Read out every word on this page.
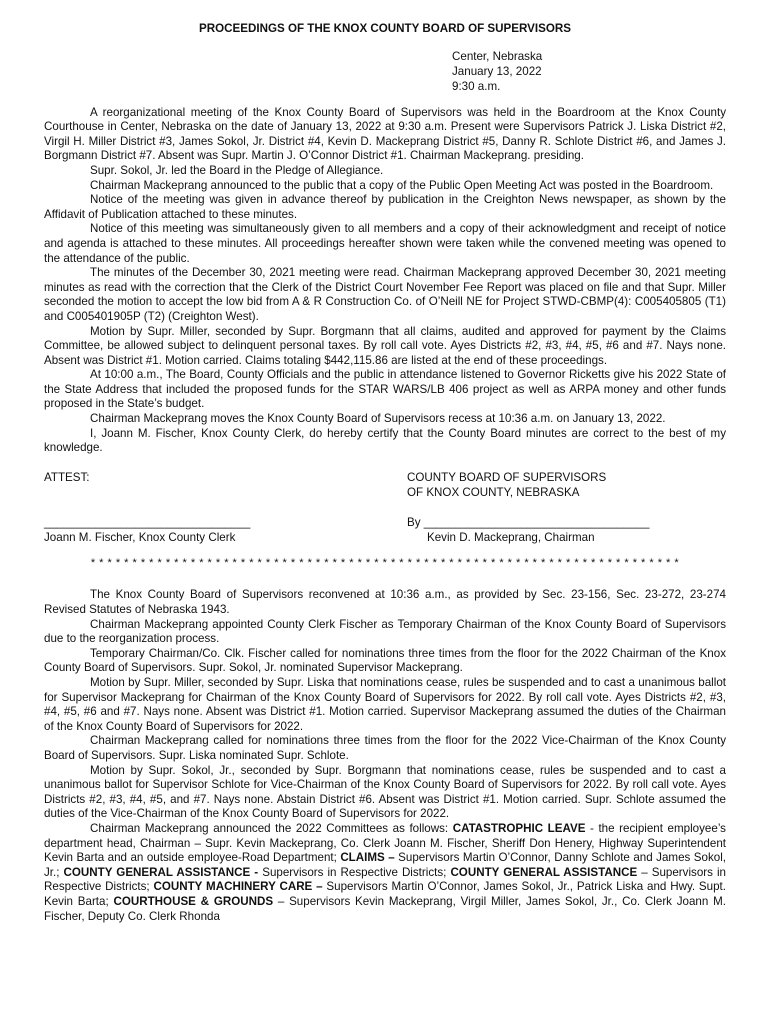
PROCEEDINGS OF THE KNOX COUNTY BOARD OF SUPERVISORS
Center, Nebraska
January 13, 2022
9:30 a.m.

A reorganizational meeting of the Knox County Board of Supervisors was held in the Boardroom at the Knox County Courthouse in Center, Nebraska on the date of January 13, 2022 at 9:30 a.m. Present were Supervisors Patrick J. Liska District #2, Virgil H. Miller District #3, James Sokol, Jr. District #4, Kevin D. Mackeprang District #5, Danny R. Schlote District #6, and James J. Borgmann District #7. Absent was Supr. Martin J. O’Connor District #1. Chairman Mackeprang. presiding.

Supr. Sokol, Jr. led the Board in the Pledge of Allegiance.

Chairman Mackeprang announced to the public that a copy of the Public Open Meeting Act was posted in the Boardroom.

Notice of the meeting was given in advance thereof by publication in the Creighton News newspaper, as shown by the Affidavit of Publication attached to these minutes.

Notice of this meeting was simultaneously given to all members and a copy of their acknowledgment and receipt of notice and agenda is attached to these minutes. All proceedings hereafter shown were taken while the convened meeting was opened to the attendance of the public.

The minutes of the December 30, 2021 meeting were read. Chairman Mackeprang approved December 30, 2021 meeting minutes as read with the correction that the Clerk of the District Court November Fee Report was placed on file and that Supr. Miller seconded the motion to accept the low bid from A & R Construction Co. of O’Neill NE for Project STWD-CBMP(4): C005405805 (T1) and C005401905P (T2) (Creighton West).

Motion by Supr. Miller, seconded by Supr. Borgmann that all claims, audited and approved for payment by the Claims Committee, be allowed subject to delinquent personal taxes. By roll call vote. Ayes Districts #2, #3, #4, #5, #6 and #7. Nays none. Absent was District #1. Motion carried. Claims totaling $442,115.86 are listed at the end of these proceedings.

At 10:00 a.m., The Board, County Officials and the public in attendance listened to Governor Ricketts give his 2022 State of the State Address that included the proposed funds for the STAR WARS/LB 406 project as well as ARPA money and other funds proposed in the State’s budget.

Chairman Mackeprang moves the Knox County Board of Supervisors recess at 10:36 a.m. on January 13, 2022.

I, Joann M. Fischer, Knox County Clerk, do hereby certify that the County Board minutes are correct to the best of my knowledge.

ATTEST:
________________________________
Joann M. Fischer, Knox County Clerk
COUNTY BOARD OF SUPERVISORS
OF KNOX COUNTY, NEBRASKA
By ___________________________________
Kevin D. Mackeprang, Chairman
* * * * * * * * * * * * * * * * * * * * * * * * * * * * * * * * * * * * * * * * * * * * * * * * * * * * * * * * * * * * * * * * * * * * * * *

The Knox County Board of Supervisors reconvened at 10:36 a.m., as provided by Sec. 23-156, Sec. 23-272, 23-274 Revised Statutes of Nebraska 1943.

Chairman Mackeprang appointed County Clerk Fischer as Temporary Chairman of the Knox County Board of Supervisors due to the reorganization process.

Temporary Chairman/Co. Clk. Fischer called for nominations three times from the floor for the 2022 Chairman of the Knox County Board of Supervisors. Supr. Sokol, Jr. nominated Supervisor Mackeprang.

Motion by Supr. Miller, seconded by Supr. Liska that nominations cease, rules be suspended and to cast a unanimous ballot for Supervisor Mackeprang for Chairman of the Knox County Board of Supervisors for 2022. By roll call vote. Ayes Districts #2, #3, #4, #5, #6 and #7. Nays none. Absent was District #1. Motion carried. Supervisor Mackeprang assumed the duties of the Chairman of the Knox County Board of Supervisors for 2022.

Chairman Mackeprang called for nominations three times from the floor for the 2022 Vice-Chairman of the Knox County Board of Supervisors. Supr. Liska nominated Supr. Schlote.

Motion by Supr. Sokol, Jr., seconded by Supr. Borgmann that nominations cease, rules be suspended and to cast a unanimous ballot for Supervisor Schlote for Vice-Chairman of the Knox County Board of Supervisors for 2022. By roll call vote. Ayes Districts #2, #3, #4, #5, and #7. Nays none. Abstain District #6. Absent was District #1. Motion carried. Supr. Schlote assumed the duties of the Vice-Chairman of the Knox County Board of Supervisors for 2022.

Chairman Mackeprang announced the 2022 Committees as follows: CATASTROPHIC LEAVE - the recipient employee’s department head, Chairman – Supr. Kevin Mackeprang, Co. Clerk Joann M. Fischer, Sheriff Don Henery, Highway Superintendent Kevin Barta and an outside employee-Road Department; CLAIMS – Supervisors Martin O’Connor, Danny Schlote and James Sokol, Jr.; COUNTY GENERAL ASSISTANCE - Supervisors in Respective Districts; COUNTY GENERAL ASSISTANCE – Supervisors in Respective Districts; COUNTY MACHINERY CARE – Supervisors Martin O’Connor, James Sokol, Jr., Patrick Liska and Hwy. Supt. Kevin Barta; COURTHOUSE & GROUNDS – Supervisors Kevin Mackeprang, Virgil Miller, James Sokol, Jr., Co. Clerk Joann M. Fischer, Deputy Co. Clerk Rhonda
